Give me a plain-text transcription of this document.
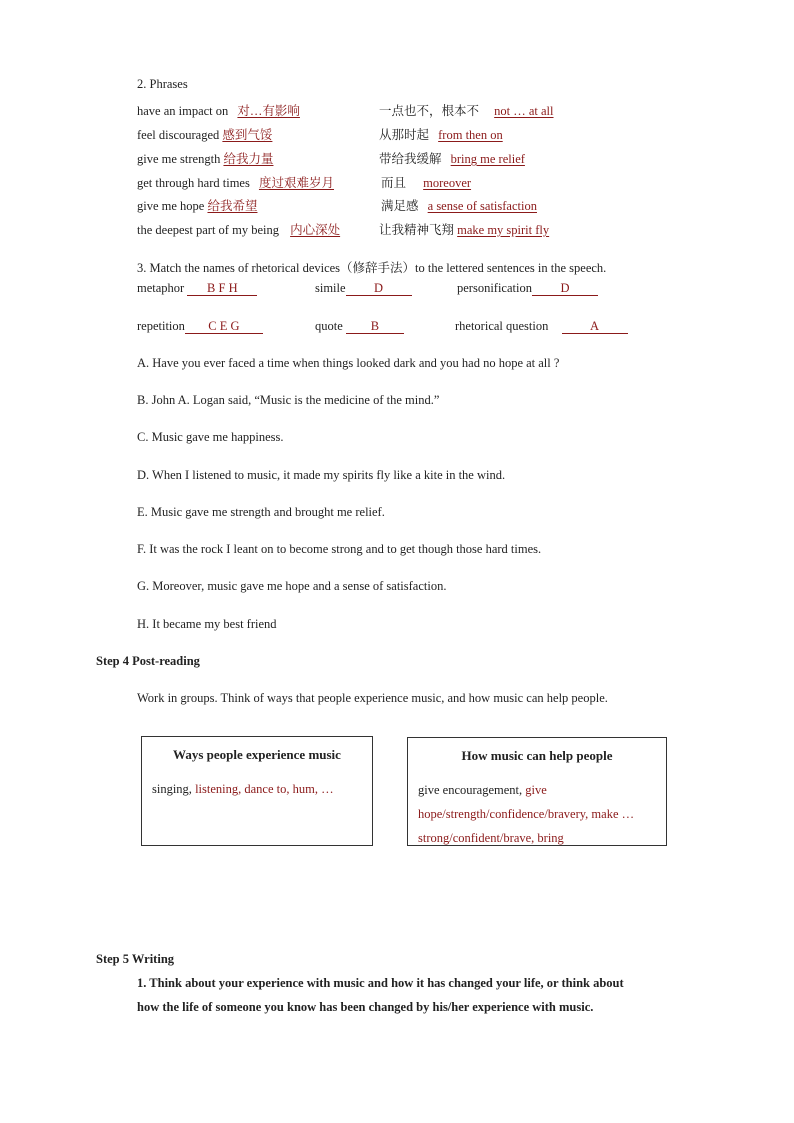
2. Phrases
have an impact on 对…有影响	一点也不，根本不 not … at all
feel discouraged 感到气馁	从那时起 from then on
give me strength 给我力量	带给我缓解 bring me relief
get through hard times 度过艰难岁月	而且 moreover
give me hope 给我希望	满足感 a sense of satisfaction
the deepest part of my being 内心深处	让我精神飞翔 make my spirit fly
3. Match the names of rhetorical devices（修辞手法）to the lettered sentences in the speech.
metaphor B F H	simile D	personification D
repetition C E G	quote B	rhetorical question	A
A. Have you ever faced a time when things looked dark and you had no hope at all ?
B. John A. Logan said, “Music is the medicine of the mind.”
C. Music gave me happiness.
D. When I listened to music, it made my spirits fly like a kite in the wind.
E. Music gave me strength and brought me relief.
F. It was the rock I leant on to become strong and to get though those hard times.
G. Moreover, music gave me hope and a sense of satisfaction.
H. It became my best friend
Step 4 Post-reading
Work in groups. Think of ways that people experience music, and how music can help people.
Ways people experience music
singing, listening, dance to, hum, …
How music can help people
give encouragement, give hope/strength/confidence/bravery, make … strong/confident/brave, bring
Step 5 Writing
1. Think about your experience with music and how it has changed your life, or think about
how the life of someone you know has been changed by his/her experience with music.
